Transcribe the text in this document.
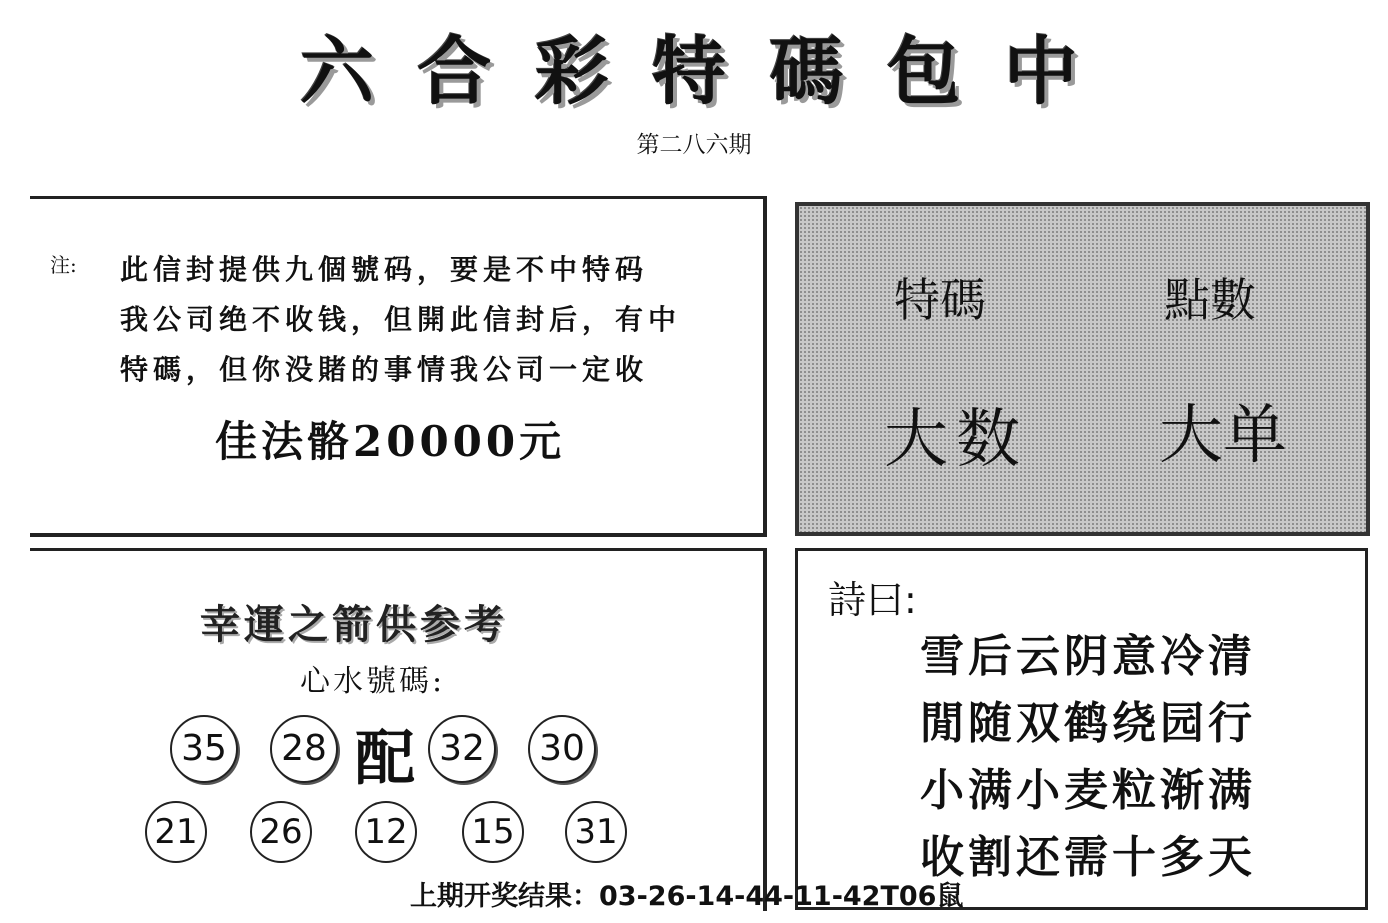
六 合 彩 特 碼 包 中
第二八六期
注: 此信封提供九個號码，要是不中特码
我公司绝不收钱，但開此信封后，有中
特碼，但你没賭的事情我公司一定收
佳法骼20000元
特碼	點數
大数 大单
幸運之箭供参考
心水號碼:
35	28 配 32	30
21 26 12 15 31
詩曰:
雪后云阴意冷清
閒随双鹤绕园行
小满小麦粒渐满
收割还需十多天
上期开奖结果：03-26-14-44-11-42T06鼠
